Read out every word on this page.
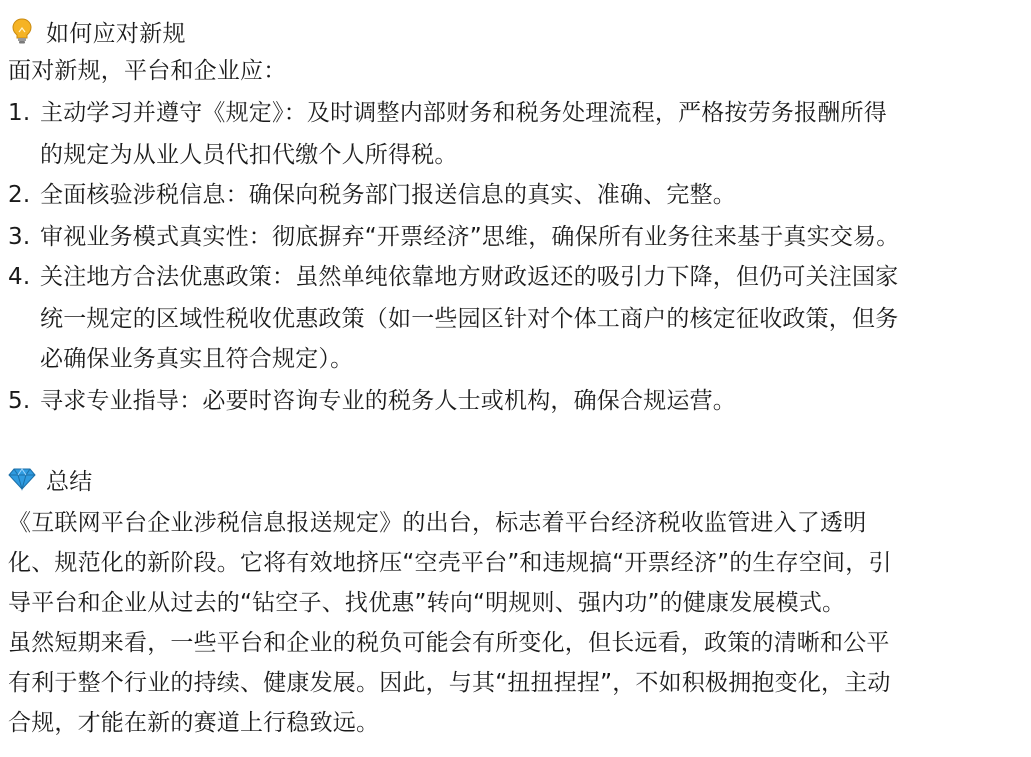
如何应对新规
面对新规，平台和企业应：
1. 主动学习并遵守《规定》：及时调整内部财务和税务处理流程，严格按劳务报酬所得
的规定为从业人员代扣代缴个人所得税。
2. 全面核验涉税信息：确保向税务部门报送信息的真实、准确、完整。
3. 审视业务模式真实性：彻底摒弃“开票经济”思维，确保所有业务往来基于真实交易。
4. 关注地方合法优惠政策：虽然单纯依靠地方财政返还的吸引力下降，但仍可关注国家
统一规定的区域性税收优惠政策（如一些园区针对个体工商户的核定征收政策，但务
必确保业务真实且符合规定）。
5. 寻求专业指导：必要时咨询专业的税务人士或机构，确保合规运营。
总结
《互联网平台企业涉税信息报送规定》的出台，标志着平台经济税收监管进入了透明
化、规范化的新阶段。它将有效地挤压“空壳平台”和违规搞“开票经济”的生存空间，引
导平台和企业从过去的“钻空子、找优惠”转向“明规则、强内功”的健康发展模式。
虽然短期来看，一些平台和企业的税负可能会有所变化，但长远看，政策的清晰和公平
有利于整个行业的持续、健康发展。因此，与其“扭扭捏捏”，不如积极拥抱变化，主动
合规，才能在新的赛道上行稳致远。
